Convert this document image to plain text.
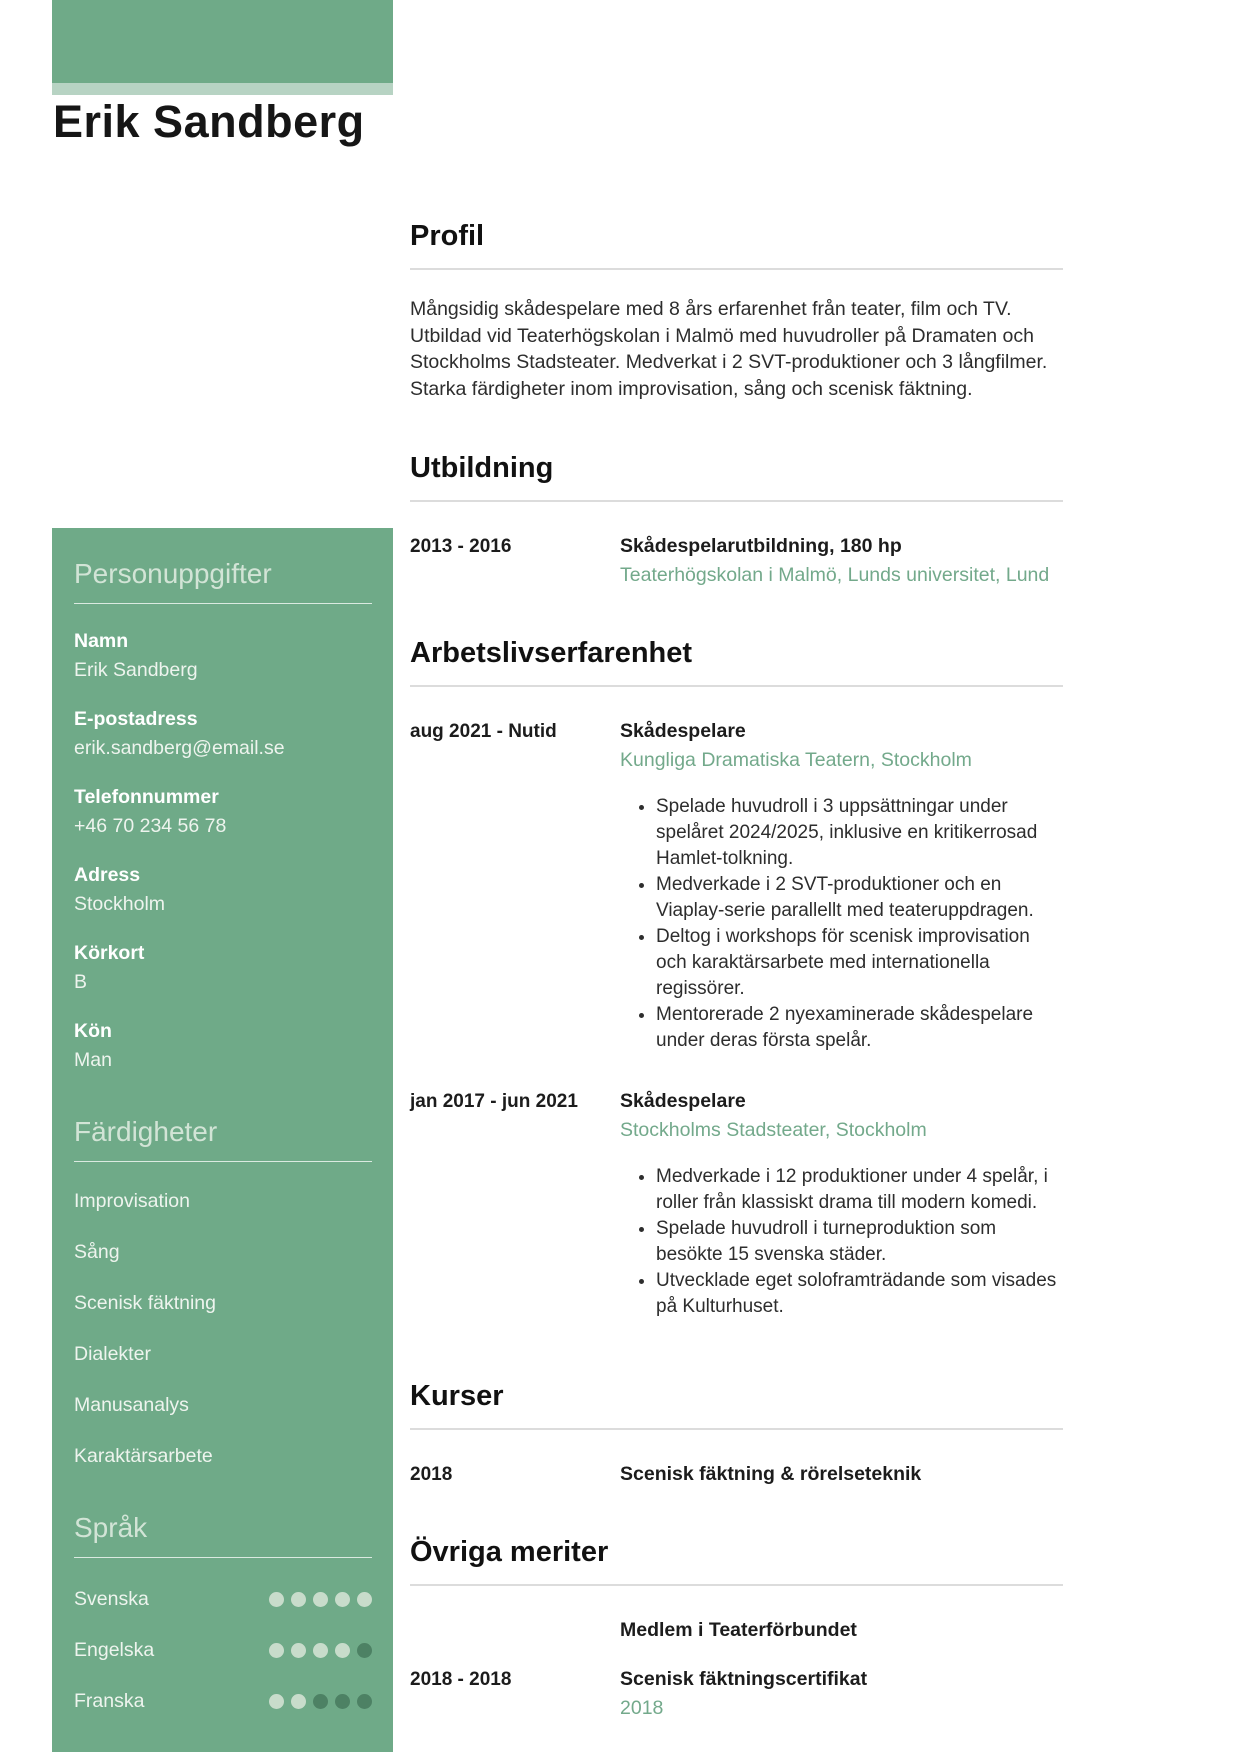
Erik Sandberg
Personuppgifter
Namn
Erik Sandberg
E-postadress
erik.sandberg@email.se
Telefonnummer
+46 70 234 56 78
Adress
Stockholm
Körkort
B
Kön
Man
Färdigheter
Improvisation
Sång
Scenisk fäktning
Dialekter
Manusanalys
Karaktärsarbete
Språk
Svenska
Engelska
Franska
Profil

Mångsidig skådespelare med 8 års erfarenhet från teater, film och TV. Utbildad vid Teaterhögskolan i Malmö med huvudroller på Dramaten och Stockholms Stadsteater. Medverkat i 2 SVT-produktioner och 3 långfilmer. Starka färdigheter inom improvisation, sång och scenisk fäktning.

Utbildning
2013 - 2016	Skådespelarutbildning, 180 hp
Teaterhögskolan i Malmö, Lunds universitet, Lund
Arbetslivserfarenhet
aug 2021 - Nutid	Skådespelare
Kungliga Dramatiska Teatern, Stockholm
• Spelade huvudroll i 3 uppsättningar under spelåret 2024/2025, inklusive en kritikerrosad Hamlet-tolkning.
• Medverkade i 2 SVT-produktioner och en Viaplay-serie parallellt med teateruppdragen.
• Deltog i workshops för scenisk improvisation och karaktärsarbete med internationella regissörer.
• Mentorerade 2 nyexaminerade skådespelare under deras första spelår.
jan 2017 - jun 2021	Skådespelare
Stockholms Stadsteater, Stockholm
• Medverkade i 12 produktioner under 4 spelår, i roller från klassiskt drama till modern komedi.
• Spelade huvudroll i turneproduktion som besökte 15 svenska städer.
• Utvecklade eget soloframträdande som visades på Kulturhuset.
Kurser
2018	Scenisk fäktning & rörelseteknik
Övriga meriter
Medlem i Teaterförbundet
2018 - 2018	Scenisk fäktningscertifikat
2018
